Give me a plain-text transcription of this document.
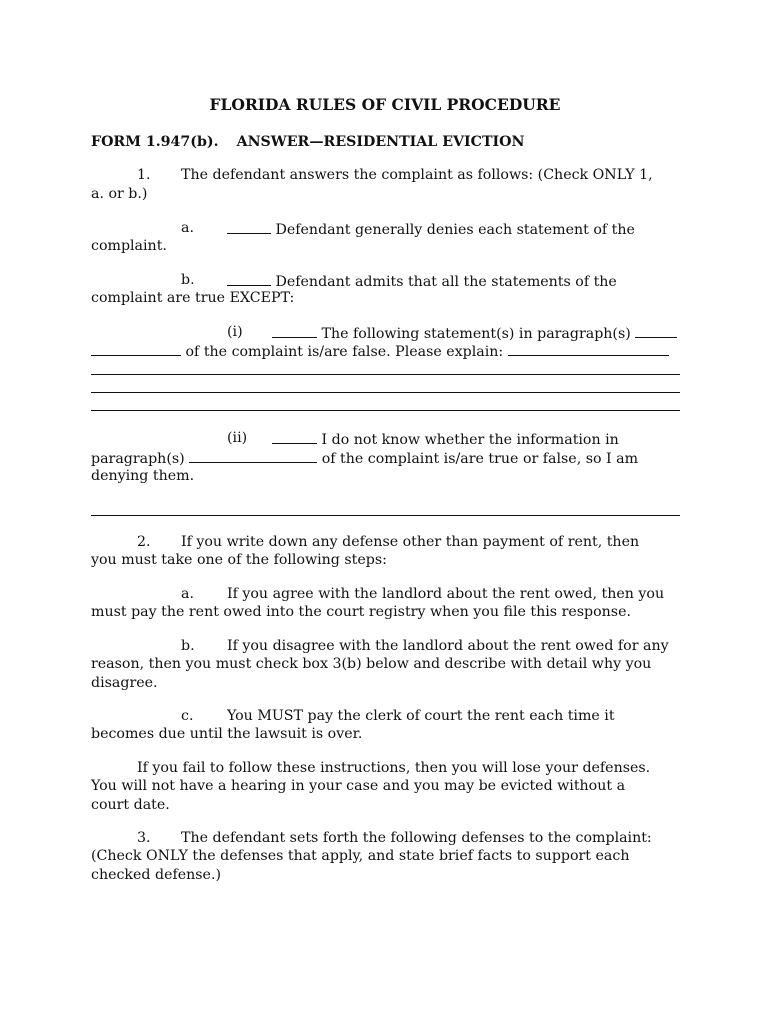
FLORIDA RULES OF CIVIL PROCEDURE
FORM 1.947(b). ANSWER—RESIDENTIAL EVICTION
1. The defendant answers the complaint as follows: (Check ONLY 1,
a. or b.)
a.	Defendant generally denies each statement of the
complaint.
b.	Defendant admits that all the statements of the
complaint are true EXCEPT:
(i)	The following statement(s) in paragraph(s)
of the complaint is/are false. Please explain:
(ii)	I do not know whether the information in
paragraph(s)	of the complaint is/are true or false, so I am
denying them.
2. If you write down any defense other than payment of rent, then
you must take one of the following steps:
a. If you agree with the landlord about the rent owed, then you
must pay the rent owed into the court registry when you file this response.
b. If you disagree with the landlord about the rent owed for any
reason, then you must check box 3(b) below and describe with detail why you
disagree.
c. You MUST pay the clerk of court the rent each time it
becomes due until the lawsuit is over.
If you fail to follow these instructions, then you will lose your defenses.
You will not have a hearing in your case and you may be evicted without a
court date.
3. The defendant sets forth the following defenses to the complaint:
(Check ONLY the defenses that apply, and state brief facts to support each
checked defense.)
